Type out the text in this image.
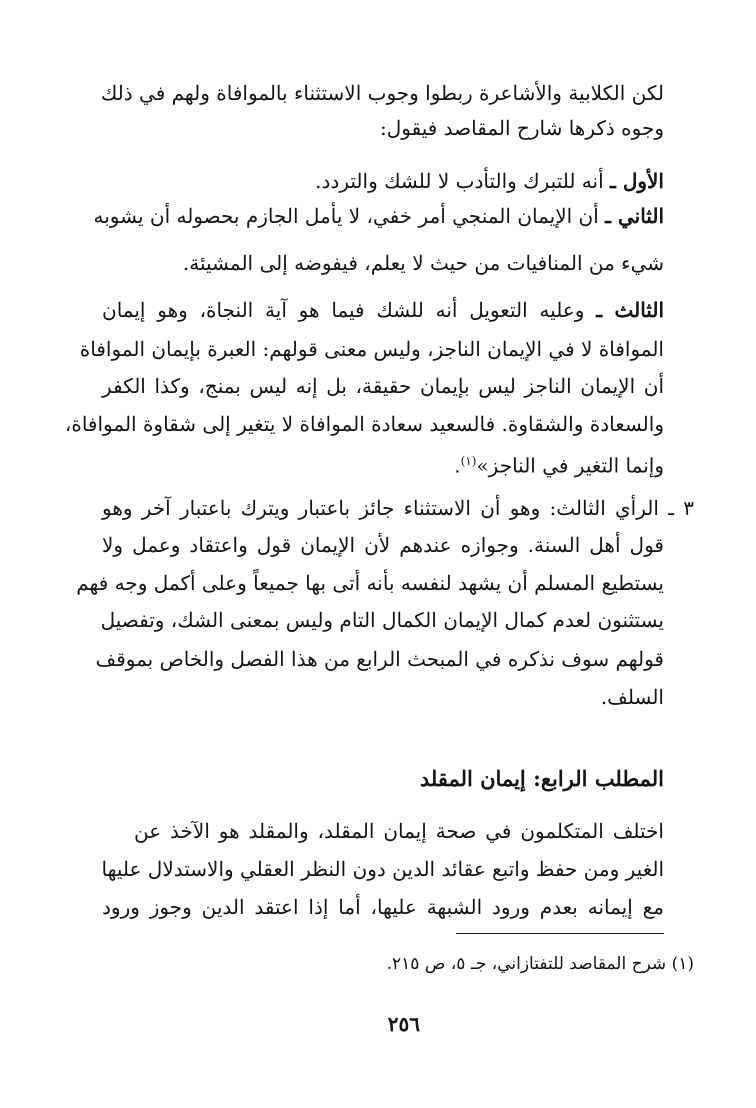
لكن الكلابية والأشاعرة ربطوا وجوب الاستثناء بالموافاة ولهم في ذلك
وجوه ذكرها شارح المقاصد فيقول:
الأول ـ أنه للتبرك والتأدب لا للشك والتردد.
الثاني ـ أن الإيمان المنجي أمر خفي، لا يأمل الجازم بحصوله أن يشوبه
شيء من المنافيات من حيث لا يعلم، فيفوضه إلى المشيئة.
الثالث ـ وعليه التعويل أنه للشك فيما هو آية النجاة، وهو إيمان
الموافاة لا في الإيمان الناجز، وليس معنى قولهم: العبرة بإيمان الموافاة
أن الإيمان الناجز ليس بإيمان حقيقة، بل إنه ليس بمنج، وكذا الكفر
والسعادة والشقاوة. فالسعيد سعادة الموافاة لا يتغير إلى شقاوة الموافاة،
وإنما التغير في الناجز»$^{(١)}$.
٣ ـ الرأي الثالث: وهو أن الاستثناء جائز باعتبار ويترك باعتبار آخر وهو
قول أهل السنة. وجوازه عندهم لأن الإيمان قول واعتقاد وعمل ولا
يستطيع المسلم أن يشهد لنفسه بأنه أتى بها جميعاً وعلى أكمل وجه فهم
يستثنون لعدم كمال الإيمان الكمال التام وليس بمعنى الشك، وتفصيل
قولهم سوف نذكره في المبحث الرابع من هذا الفصل والخاص بموقف
السلف.
المطلب الرابع: إيمان المقلد
اختلف المتكلمون في صحة إيمان المقلد، والمقلد هو الآخذ عن
الغير ومن حفظ واتبع عقائد الدين دون النظر العقلي والاستدلال عليها
مع إيمانه بعدم ورود الشبهة عليها، أما إذا اعتقد الدين وجوز ورود
(١) شرح المقاصد للتفتازاني، جـ ٥، ص ٢١٥.
٢٥٦
